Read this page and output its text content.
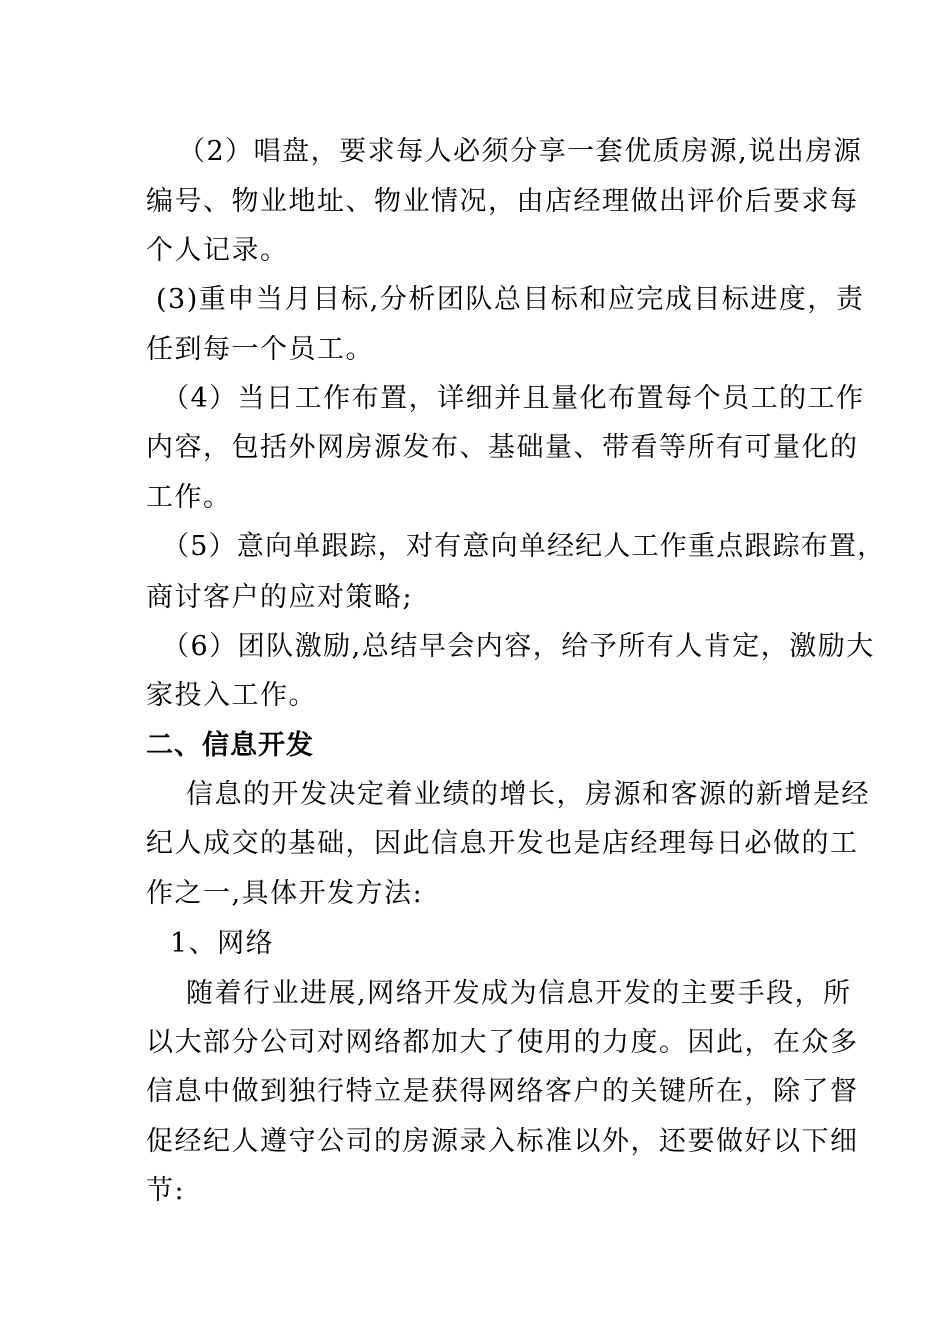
（2）唱盘，要求每人必须分享一套优质房源,说出房源

编号、物业地址、物业情况，由店经理做出评价后要求每

个人记录。

(3)重申当月目标,分析团队总目标和应完成目标进度，责

任到每一个员工。

（4）当日工作布置，详细并且量化布置每个员工的工作

内容，包括外网房源发布、基础量、带看等所有可量化的

工作。

（5）意向单跟踪，对有意向单经纪人工作重点跟踪布置，

商讨客户的应对策略;

（6）团队激励,总结早会内容，给予所有人肯定，激励大

家投入工作。

二、信息开发

信息的开发决定着业绩的增长，房源和客源的新增是经

纪人成交的基础，因此信息开发也是店经理每日必做的工

作之一,具体开发方法:

1、网络

随着行业进展,网络开发成为信息开发的主要手段，所

以大部分公司对网络都加大了使用的力度。因此，在众多

信息中做到独行特立是获得网络客户的关键所在，除了督

促经纪人遵守公司的房源录入标准以外，还要做好以下细

节:
